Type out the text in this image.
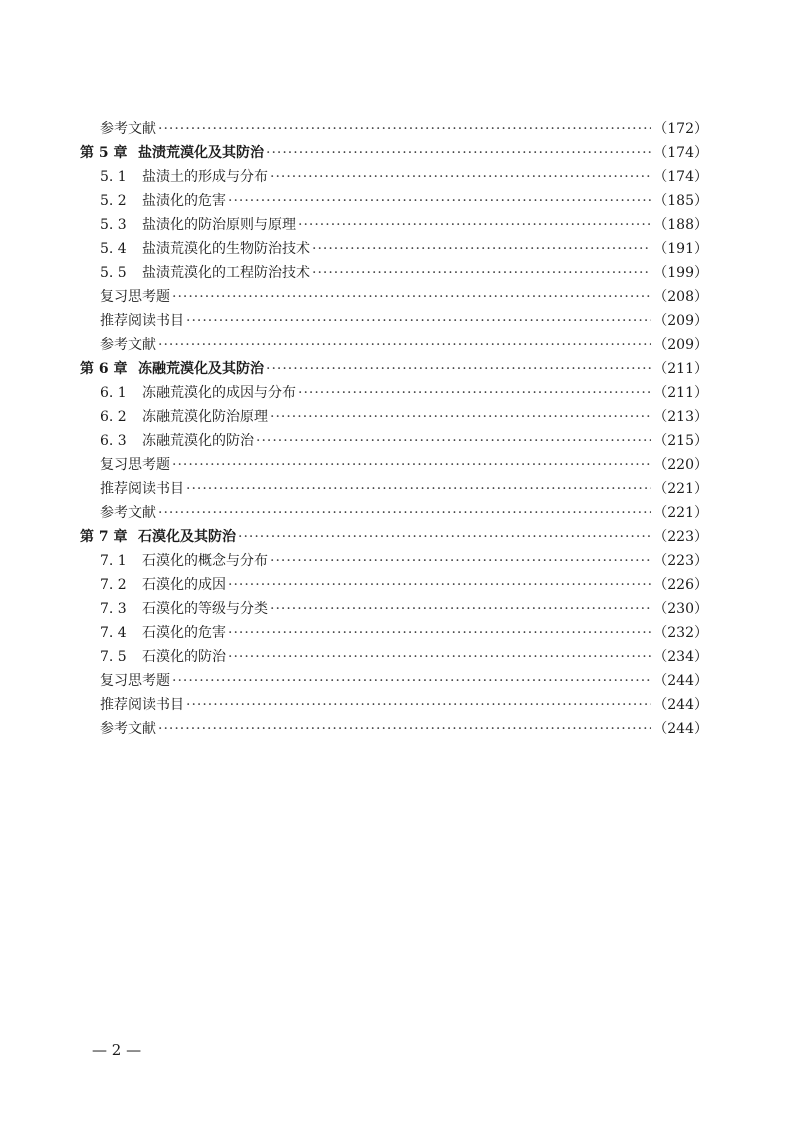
参考文献 ·····	（172）
第 5 章 盐渍荒漠化及其防治 ·····	（174）
5. 1	盐渍土的形成与分布 ·····	（174）
5. 2	盐渍化的危害 ·····	（185）
5. 3	盐渍化的防治原则与原理 ·····	（188）
5. 4	盐渍荒漠化的生物防治技术 ·····	（191）
5. 5	盐渍荒漠化的工程防治技术 ·····	（199）
复习思考题 ·····	（208）
推荐阅读书目 ·····	（209）
参考文献 ·····	（209）
第 6 章 冻融荒漠化及其防治 ·····	（211）
6. 1	冻融荒漠化的成因与分布 ·····	（211）
6. 2	冻融荒漠化防治原理 ·····	（213）
6. 3	冻融荒漠化的防治 ·····	（215）
复习思考题 ·····	（220）
推荐阅读书目 ·····	（221）
参考文献 ·····	（221）
第 7 章 石漠化及其防治 ·····	（223）
7. 1	石漠化的概念与分布 ·····	（223）
7. 2	石漠化的成因 ·····	（226）
7. 3	石漠化的等级与分类 ·····	（230）
7. 4	石漠化的危害 ·····	（232）
7. 5	石漠化的防治 ·····	（234）
复习思考题 ·····	（244）
推荐阅读书目 ·····	（244）
参考文献 ·····	（244）
— 2 —
